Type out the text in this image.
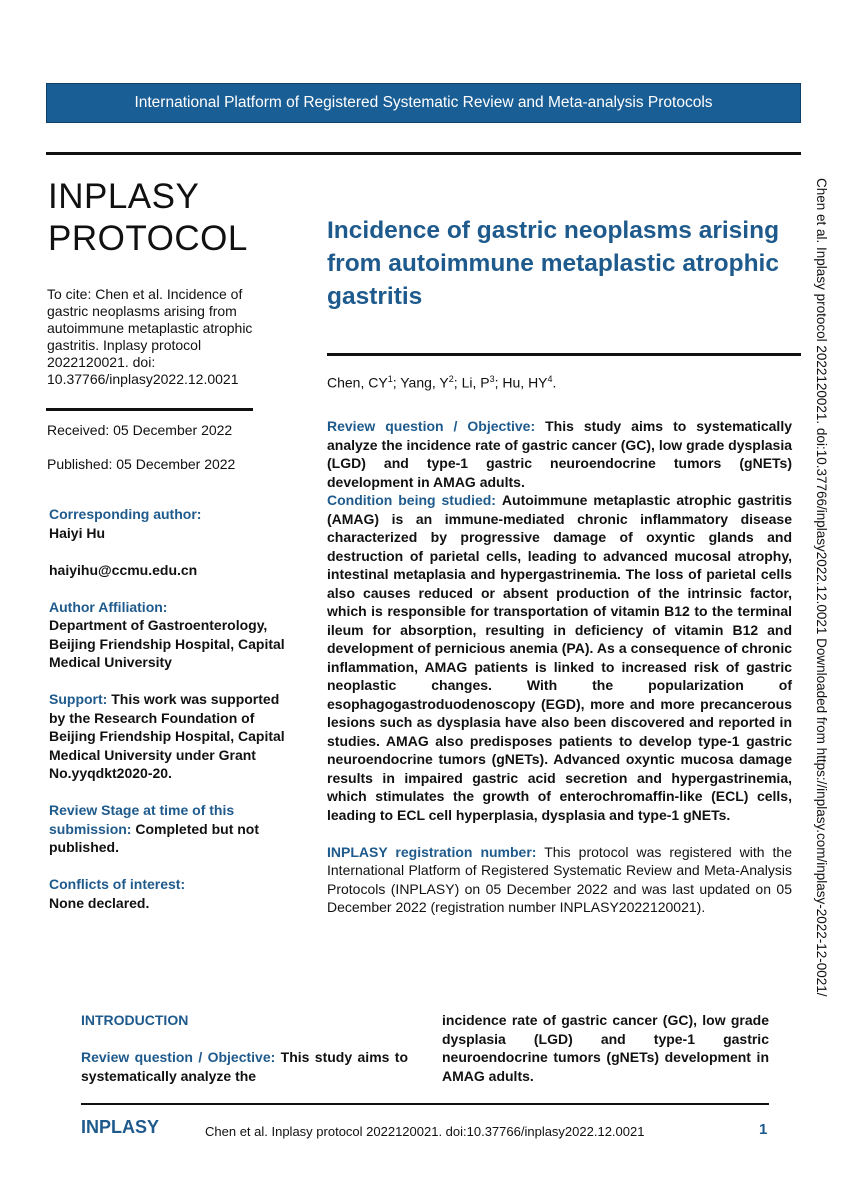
International Platform of Registered Systematic Review and Meta-analysis Protocols
INPLASY
PROTOCOL
To cite: Chen et al. Incidence of gastric neoplasms arising from autoimmune metaplastic atrophic gastritis. Inplasy protocol 2022120021. doi: 10.37766/inplasy2022.12.0021
Received: 05 December 2022
Published: 05 December 2022
Corresponding author:
Haiyi Hu
haiyihu@ccmu.edu.cn
Author Affiliation:
Department of Gastroenterology, Beijing Friendship Hospital, Capital Medical University
Support: This work was supported by the Research Foundation of Beijing Friendship Hospital, Capital Medical University under Grant No.yyqdkt2020-20.
Review Stage at time of this submission: Completed but not published.
Conflicts of interest:
None declared.
Incidence of gastric neoplasms arising from autoimmune metaplastic atrophic gastritis
Chen, $CY^1$; Yang, $Y^2$; Li, $P^3$; Hu, $HY^4$.

Review question / Objective: This study aims to systematically analyze the incidence rate of gastric cancer (GC), low grade dysplasia (LGD) and type-1 gastric neuroendocrine tumors (gNETs) development in AMAG adults.

Condition being studied: Autoimmune metaplastic atrophic gastritis (AMAG) is an immune-mediated chronic inflammatory disease characterized by progressive damage of oxyntic glands and destruction of parietal cells, leading to advanced mucosal atrophy, intestinal metaplasia and hypergastrinemia. The loss of parietal cells also causes reduced or absent production of the intrinsic factor, which is responsible for transportation of vitamin B12 to the terminal ileum for absorption, resulting in deficiency of vitamin B12 and development of pernicious anemia (PA). As a consequence of chronic inflammation, AMAG patients is linked to increased risk of gastric neoplastic changes. With the popularization of esophagogastroduodenoscopy (EGD), more and more precancerous lesions such as dysplasia have also been discovered and reported in studies. AMAG also predisposes patients to develop type-1 gastric neuroendocrine tumors (gNETs). Advanced oxyntic mucosa damage results in impaired gastric acid secretion and hypergastrinemia, which stimulates the growth of enterochromaffin-like (ECL) cells, leading to ECL cell hyperplasia, dysplasia and type-1 gNETs.

INPLASY registration number: This protocol was registered with the International Platform of Registered Systematic Review and Meta-Analysis Protocols (INPLASY) on 05 December 2022 and was last updated on 05 December 2022 (registration number INPLASY2022120021).

INTRODUCTION
Review question / Objective: This study aims to systematically analyze the
incidence rate of gastric cancer (GC), low grade dysplasia (LGD) and type-1 gastric neuroendocrine tumors (gNETs) development in AMAG adults.
INPLASY	Chen et al. Inplasy protocol 2022120021. doi:10.37766/inplasy2022.12.0021	1
Chen et al. Inplasy protocol 2022120021. doi:10.37766/inplasy2022.12.0021 Downloaded from https://inplasy.com/inplasy-2022-12-0021/
